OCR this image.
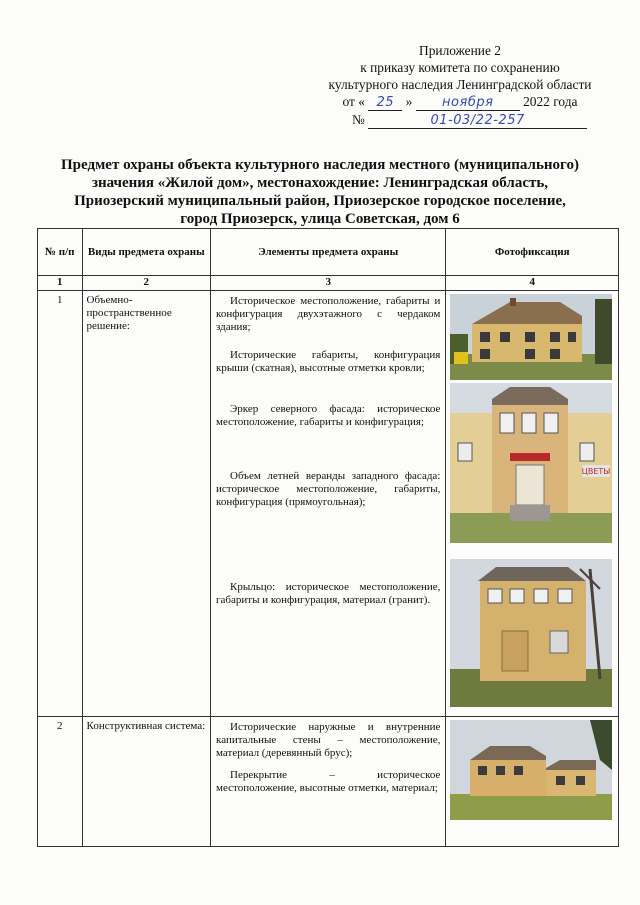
Приложение 2
к приказу комитета по сохранению
культурного наследия Ленинградской области
от « 25 » ноября 2022 года
№	01-03/22-257
Предмет охраны объекта культурного наследия местного (муниципального)
значения «Жилой дом», местонахождение: Ленинградская область,
Приозерский муниципальный район, Приозерское городское поселение,
город Приозерск, улица Советская, дом 6
№ п/п	Виды предмета охраны	Элементы предмета охраны	Фотофиксация
1	2	3	4
1	Объемно-пространственное решение:	Историческое местоположение, габариты и конфигурация двухэтажного с чердаком здания;
Исторические габариты, конфигурация крыши (скатная), высотные отметки кровли;
Эркер северного фасада: историческое местоположение, габариты и конфигурация;
Объем летней веранды западного фасада: историческое местоположение, габариты, конфигурация (прямоугольная);
Крыльцо: историческое местоположение, габариты и конфигурация, материал (гранит).	ЦВЕТЫ

2	Конструктивная система:	Исторические наружные и внутренние капитальные стены – местоположение, материал (деревянный брус);
Перекрытие – историческое местоположение, высотные отметки, материал;
